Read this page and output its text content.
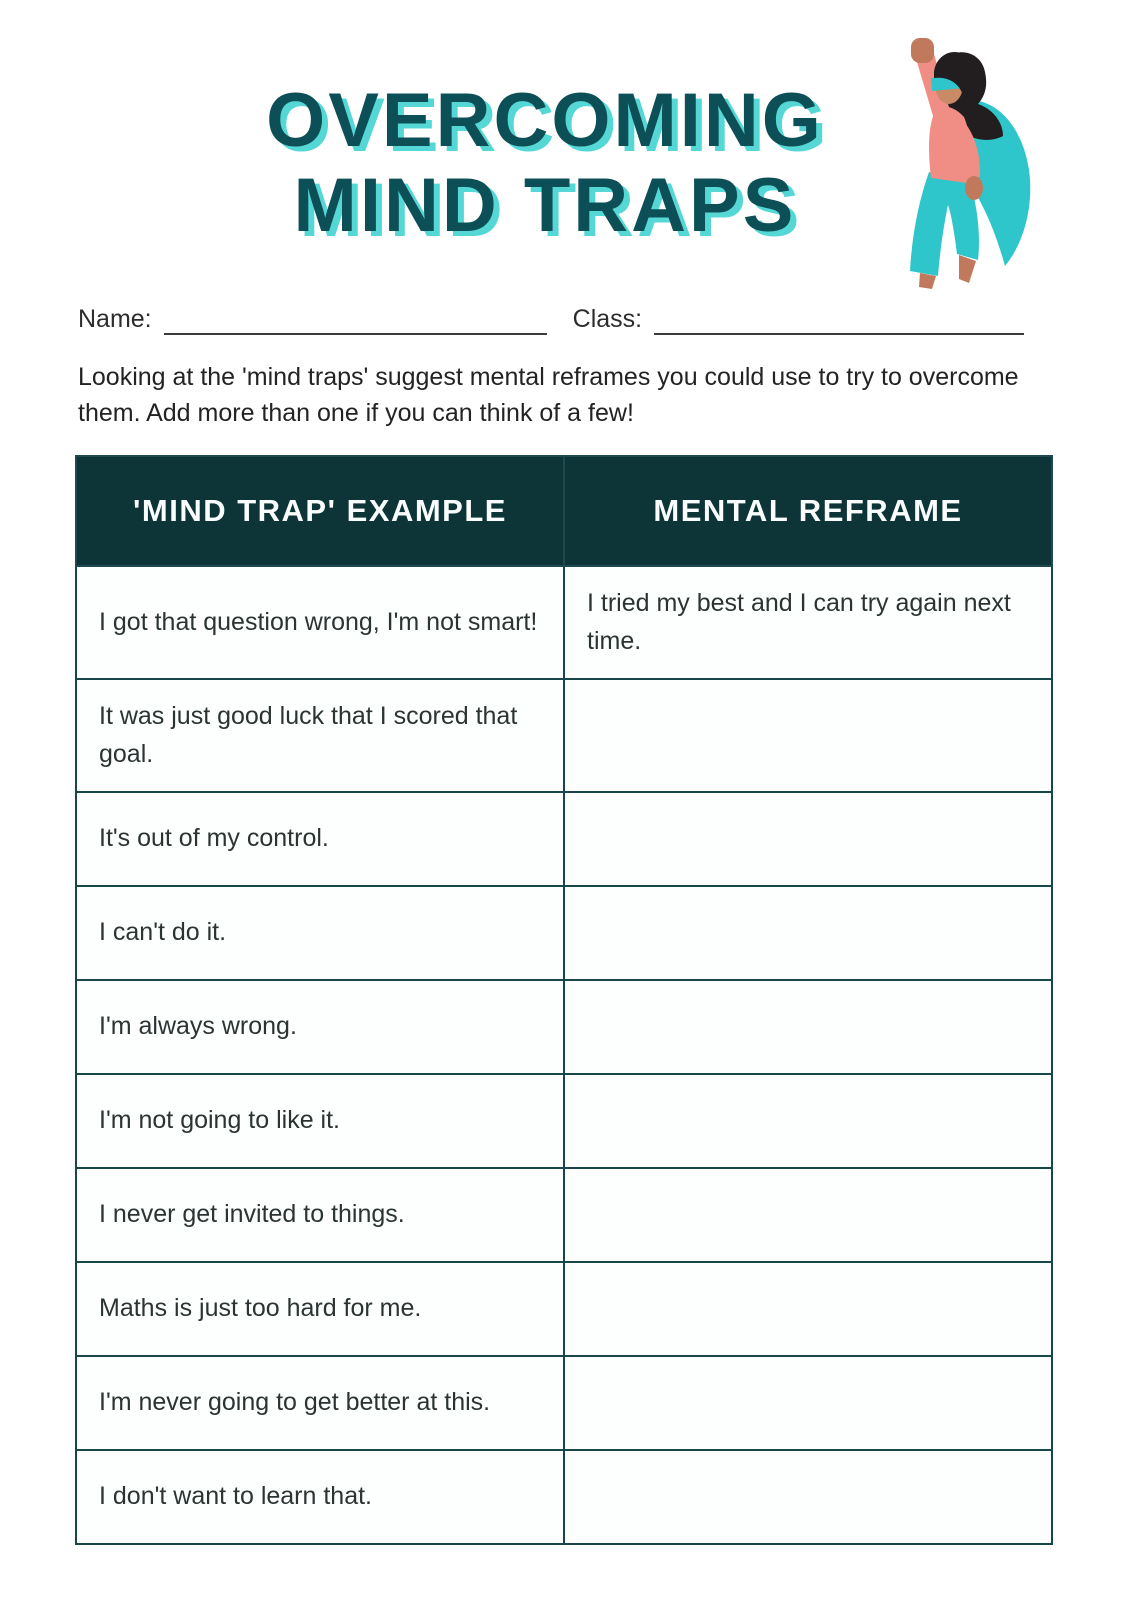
OVERCOMING
MIND TRAPS
Name:	Class:

Looking at the 'mind traps' suggest mental reframes you could use to try to overcome
them. Add more than one if you can think of a few!

'MIND TRAP' EXAMPLE	MENTAL REFRAME
I got that question wrong, I'm not smart!	I tried my best and I can try again next time.
It was just good luck that I scored that goal.	
It's out of my control.	
I can't do it.	
I'm always wrong.	
I'm not going to like it.	
I never get invited to things.	
Maths is just too hard for me.	
I'm never going to get better at this.	
I don't want to learn that.	
